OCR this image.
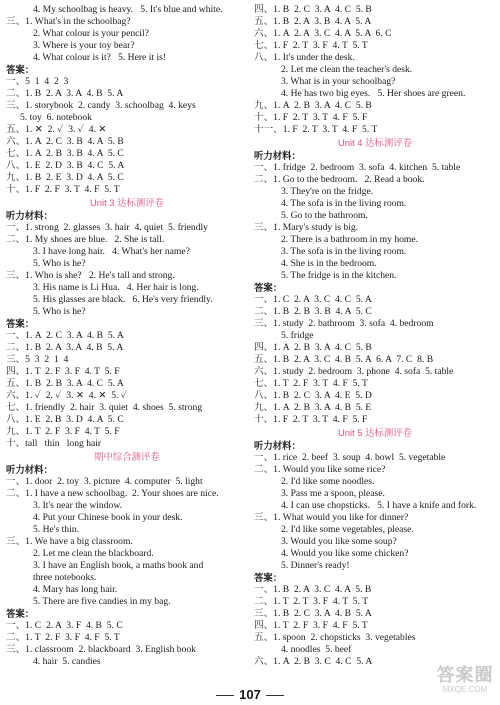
4. My schoolbag is heavy.   5. It's blue and white.
三、1. What's in the schoolbag?
2. What colour is your pencil?
3. Where is your toy bear?
4. What colour is it?   5. Here it is!
答案：
一、5  1  4  2  3
二、1. B  2. A  3. A  4. B  5. A
三、1. storybook  2. candy  3. schoolbag  4. keys
5. toy  6. notebook
五、1. ✕  2. ✓  3. ✓  4. ✕
六、1. A  2. C  3. B  4. A  5. B
七、1. A  2. B  3. B  4. A  5. C
八、1. E  2. D  3. B  4. C  5. A
九、1. B  2. E  3. D  4. A  5. C
十、1. F  2. F  3. T  4. F  5. T
Unit 3 达标测评卷
听力材料：
一、1. strong  2. glasses  3. hair  4. quiet  5. friendly
二、1. My shoes are blue.   2. She is tall.
3. I have long hair.   4. What's her name?
5. Who is he?
三、1. Who is she?   2. He's tall and strong.
3. His name is Li Hua.   4. Her hair is long.
5. His glasses are black.   6. He's very friendly.
5. Who is he?
答案：
一、1. A  2. C  3. A  4. B  5. A
二、1. B  2. A  3. A  4. B  5. A
三、5  3  2  1  4
四、1. T  2. F  3. F  4. T  5. F
五、1. B  2. B  3. A  4. C  5. A
六、1. ✓  2. ✓  3. ✕  4. ✕  5. ✓
七、1. friendly  2. hair  3. quiet  4. shoes  5. strong
八、1. E  2. B  3. D  4. A  5. C
九、1. T  2. F  3. F  4. T  5. F
十、tall   thin   long hair
期中综合测评卷
听力材料：
一、1. door  2. toy  3. picture  4. computer  5. light
二、1. I have a new schoolbag.  2. Your shoes are nice.
3. It's near the window.
4. Put your Chinese book in your desk.
5. He's thin.
三、1. We have a big classroom.
2. Let me clean the blackboard.
3. I have an English book, a maths book and
three notebooks.
4. Mary has long hair.
5. There are five candies in my bag.
答案：
一、1. C  2. A  3. F  4. B  5. C
二、1. T  2. F  3. F  4. F  5. T
三、1. classroom  2. blackboard  3. English book
4. hair  5. candies
四、1. B  2. C  3. A  4. C  5. B
五、1. B  2. A  3. B  4. A  5. A
六、1. A  2. A  3. C  4. A  5. A  6. C
七、1. F  2. T  3. F  4. T  5. T
八、1. It's under the desk.
2. Let me clean the teacher's desk.
3. What is in your schoolbag?
4. He has two big eyes.   5. Her shoes are green.
九、1. A  2. B  3. A  4. C  5. B
十、1. F  2. T  3. T  4. F  5. F
十一、1. F  2. T  3. T  4. F  5. T
Unit 4 达标测评卷
听力材料：
一、1. fridge  2. bedroom  3. sofa  4. kitchen  5. table
二、1. Go to the bedroom.   2. Read a book.
3. They're on the fridge.
4. The sofa is in the living room.
5. Go to the bathroom.
三、1. Mary's study is big.
2. There is a bathroom in my home.
3. The sofa is in the living room.
4. She is in the bedroom.
5. The fridge is in the kitchen.
答案：
一、1. C  2. A  3. C  4. C  5. A
二、1. B  2. B  3. B  4. A  5. C
三、1. study  2. bathroom  3. sofa  4. bedroom
5. fridge
四、1. A  2. B  3. A  4. C  5. B
五、1. B  2. A  3. C  4. B  5. A  6. A  7. C  8. B
六、1. study  2. bedroom  3. phone  4. sofa  5. table
七、1. T  2. F  3. T  4. F  5. T
八、1. B  2. C  3. A  4. E  5. D
九、1. A  2. B  3. A  4. B  5. E
十、1. F  2. T  3. T  4. F  5. F
Unit 5 达标测评卷
听力材料：
一、1. rice  2. beef  3. soup  4. bowl  5. vegetable
二、1. Would you like some rice?
2. I'd like some noodles.
3. Pass me a spoon, please.
4. I can use chopsticks.   5. I have a knife and fork.
三、1. What would you like for dinner?
2. I'd like some vegetables, please.
3. Would you like some soup?
4. Would you like some chicken?
5. Dinner's ready!
答案：
一、1. B  2. A  3. C  4. A  5. B
二、1. T  2. T  3. F  4. T  5. T
三、1. B  2. C  3. A  4. B  5. A
四、1. T  2. F  3. F  4. F  5. T
五、1. spoon  2. chopsticks  3. vegetables
4. noodles  5. beef
六、1. A  2. B  3. C  4. C  5. A
107
答案圈
MXQE.COM
